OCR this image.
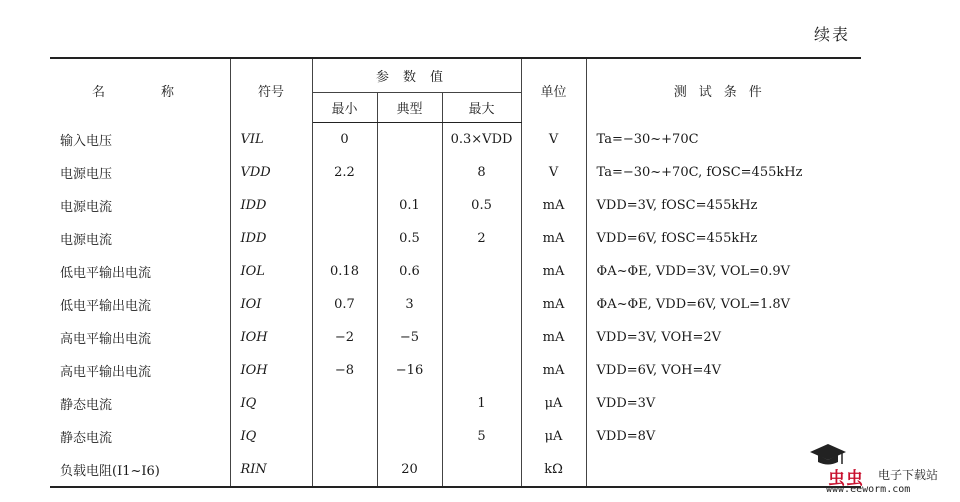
续表
名 称	符号	参数值			单位	测试条件
		最小	典型	最大		
输入电压	VIL	0		0.3×VDD	V	Ta=−30~+70C
电源电压	VDD	2.2		8	V	Ta=−30~+70C, fOSC=455kHz
电源电流	IDD		0.1	0.5	mA	VDD=3V, fOSC=455kHz
电源电流	IDD		0.5	2	mA	VDD=6V, fOSC=455kHz
低电平输出电流	IOL	0.18	0.6		mA	ΦA~ΦE, VDD=3V, VOL=0.9V
低电平输出电流	IOI	0.7	3		mA	ΦA~ΦE, VDD=6V, VOL=1.8V
高电平输出电流	IOH	−2	−5		mA	VDD=3V, VOH=2V
高电平输出电流	IOH	−8	−16		mA	VDD=6V, VOH=4V
静态电流	IQ			1	μA	VDD=3V
静态电流	IQ			5	μA	VDD=8V
负载电阻(I1~I6)	RIN		20		kΩ		虫虫 电子下载站
www.eeworm.com
